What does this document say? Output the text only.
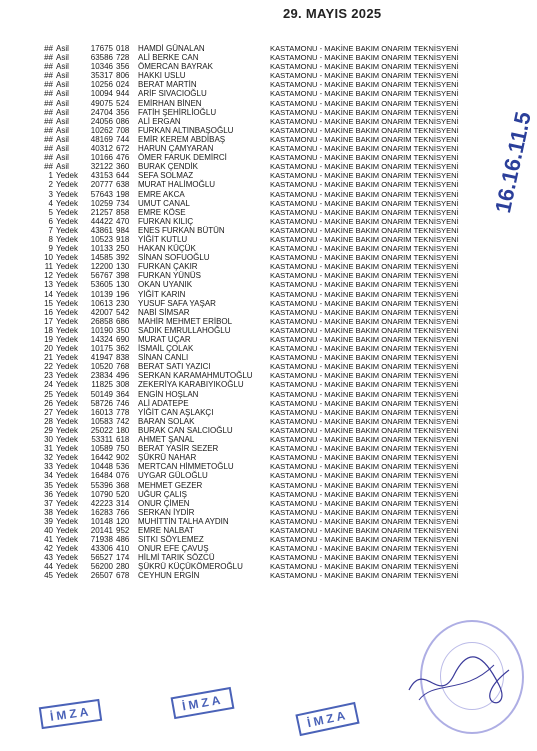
29. MAYIS 2025
## Asil	17675 018	HAMDİ GÜNALAN	KASTAMONU - MAKİNE BAKIM ONARIM TEKNİSYENİ
## Asil	63586 728	ALİ BERKE CAN	KASTAMONU - MAKİNE BAKIM ONARIM TEKNİSYENİ
## Asil	10346 356	ÖMERCAN BAYRAK	KASTAMONU - MAKİNE BAKIM ONARIM TEKNİSYENİ
## Asil	35317 806	HAKKI USLU	KASTAMONU - MAKİNE BAKIM ONARIM TEKNİSYENİ
## Asil	10256 024	BERAT MARTİN	KASTAMONU - MAKİNE BAKIM ONARIM TEKNİSYENİ
## Asil	10094 944	ARİF SIVACIOĞLU	KASTAMONU - MAKİNE BAKIM ONARIM TEKNİSYENİ
## Asil	49075 524	EMİRHAN BİNEN	KASTAMONU - MAKİNE BAKIM ONARIM TEKNİSYENİ
## Asil	24704 356	FATİH ŞEHİRLİOĞLU	KASTAMONU - MAKİNE BAKIM ONARIM TEKNİSYENİ
## Asil	24056 086	ALİ ERGAN	KASTAMONU - MAKİNE BAKIM ONARIM TEKNİSYENİ
## Asil	10262 708	FURKAN ALTINBAŞOĞLU	KASTAMONU - MAKİNE BAKIM ONARIM TEKNİSYENİ
## Asil	48169 744	EMİR KEREM ABDİBAŞ	KASTAMONU - MAKİNE BAKIM ONARIM TEKNİSYENİ
## Asil	40312 672	HARUN ÇAMYARAN	KASTAMONU - MAKİNE BAKIM ONARIM TEKNİSYENİ
## Asil	10166 476	ÖMER FARUK DEMİRCİ	KASTAMONU - MAKİNE BAKIM ONARIM TEKNİSYENİ
## Asil	32122 360	BURAK ÇENDİK	KASTAMONU - MAKİNE BAKIM ONARIM TEKNİSYENİ
1 Yedek	43153 644	SEFA SOLMAZ	KASTAMONU - MAKİNE BAKIM ONARIM TEKNİSYENİ
2 Yedek	20777 638	MURAT HALİMOĞLU	KASTAMONU - MAKİNE BAKIM ONARIM TEKNİSYENİ
3 Yedek	57643 198	EMRE AKCA	KASTAMONU - MAKİNE BAKIM ONARIM TEKNİSYENİ
4 Yedek	10259 734	UMUT CANAL	KASTAMONU - MAKİNE BAKIM ONARIM TEKNİSYENİ
5 Yedek	21257 858	EMRE KÖSE	KASTAMONU - MAKİNE BAKIM ONARIM TEKNİSYENİ
6 Yedek	44422 470	FURKAN KILIÇ	KASTAMONU - MAKİNE BAKIM ONARIM TEKNİSYENİ
7 Yedek	43861 984	ENES FURKAN BÜTÜN	KASTAMONU - MAKİNE BAKIM ONARIM TEKNİSYENİ
8 Yedek	10523 918	YİĞİT KUTLU	KASTAMONU - MAKİNE BAKIM ONARIM TEKNİSYENİ
9 Yedek	10133 250	HAKAN KÜÇÜK	KASTAMONU - MAKİNE BAKIM ONARIM TEKNİSYENİ
10 Yedek	14585 392	SİNAN SOFUOĞLU	KASTAMONU - MAKİNE BAKIM ONARIM TEKNİSYENİ
11 Yedek	12200 130	FURKAN ÇAKIR	KASTAMONU - MAKİNE BAKIM ONARIM TEKNİSYENİ
12 Yedek	56767 398	FURKAN YÜNÜS	KASTAMONU - MAKİNE BAKIM ONARIM TEKNİSYENİ
13 Yedek	53605 130	OKAN UYANIK	KASTAMONU - MAKİNE BAKIM ONARIM TEKNİSYENİ
14 Yedek	10139 196	YİĞİT KARIN	KASTAMONU - MAKİNE BAKIM ONARIM TEKNİSYENİ
15 Yedek	10613 230	YUSUF SAFA YAŞAR	KASTAMONU - MAKİNE BAKIM ONARIM TEKNİSYENİ
16 Yedek	42007 542	NABİ SİMSAR	KASTAMONU - MAKİNE BAKIM ONARIM TEKNİSYENİ
17 Yedek	26858 686	MAHİR MEHMET ERİBOL	KASTAMONU - MAKİNE BAKIM ONARIM TEKNİSYENİ
18 Yedek	10190 350	SADIK EMRULLAHOĞLU	KASTAMONU - MAKİNE BAKIM ONARIM TEKNİSYENİ
19 Yedek	14324 690	MURAT UÇAR	KASTAMONU - MAKİNE BAKIM ONARIM TEKNİSYENİ
20 Yedek	10175 362	İSMAİL ÇOLAK	KASTAMONU - MAKİNE BAKIM ONARIM TEKNİSYENİ
21 Yedek	41947 838	SİNAN CANLI	KASTAMONU - MAKİNE BAKIM ONARIM TEKNİSYENİ
22 Yedek	10520 768	BERAT SATI YAZICI	KASTAMONU - MAKİNE BAKIM ONARIM TEKNİSYENİ
23 Yedek	23834 496	SERKAN KARAMAHMUTOĞLU	KASTAMONU - MAKİNE BAKIM ONARIM TEKNİSYENİ
24 Yedek	11825 308	ZEKERİYA KARABIYIKOĞLU	KASTAMONU - MAKİNE BAKIM ONARIM TEKNİSYENİ
25 Yedek	50149 364	ENGİN HOŞLAN	KASTAMONU - MAKİNE BAKIM ONARIM TEKNİSYENİ
26 Yedek	58726 746	ALİ ADATEPE	KASTAMONU - MAKİNE BAKIM ONARIM TEKNİSYENİ
27 Yedek	16013 778	YİĞİT CAN AŞLAKÇI	KASTAMONU - MAKİNE BAKIM ONARIM TEKNİSYENİ
28 Yedek	10583 742	BARAN SOLAK	KASTAMONU - MAKİNE BAKIM ONARIM TEKNİSYENİ
29 Yedek	25022 180	BURAK CAN SALCIOĞLU	KASTAMONU - MAKİNE BAKIM ONARIM TEKNİSYENİ
30 Yedek	53311 618	AHMET ŞANAL	KASTAMONU - MAKİNE BAKIM ONARIM TEKNİSYENİ
31 Yedek	10589 750	BERAT YASİR SEZER	KASTAMONU - MAKİNE BAKIM ONARIM TEKNİSYENİ
32 Yedek	16442 902	ŞÜKRÜ NAHAR	KASTAMONU - MAKİNE BAKIM ONARIM TEKNİSYENİ
33 Yedek	10448 536	MERTCAN HİMMETOĞLU	KASTAMONU - MAKİNE BAKIM ONARIM TEKNİSYENİ
34 Yedek	16484 076	UYGAR GÜLOĞLU	KASTAMONU - MAKİNE BAKIM ONARIM TEKNİSYENİ
35 Yedek	55396 368	MEHMET GEZER	KASTAMONU - MAKİNE BAKIM ONARIM TEKNİSYENİ
36 Yedek	10790 520	UĞUR ÇALIŞ	KASTAMONU - MAKİNE BAKIM ONARIM TEKNİSYENİ
37 Yedek	42223 314	ONUR ÇİMEN	KASTAMONU - MAKİNE BAKIM ONARIM TEKNİSYENİ
38 Yedek	16283 766	SERKAN İYDİR	KASTAMONU - MAKİNE BAKIM ONARIM TEKNİSYENİ
39 Yedek	10148 120	MUHİTTİN TALHA AYDIN	KASTAMONU - MAKİNE BAKIM ONARIM TEKNİSYENİ
40 Yedek	20141 952	EMRE NALBAT	KASTAMONU - MAKİNE BAKIM ONARIM TEKNİSYENİ
41 Yedek	71938 486	SITKI SÖYLEMEZ	KASTAMONU - MAKİNE BAKIM ONARIM TEKNİSYENİ
42 Yedek	43306 410	ONUR EFE ÇAVUŞ	KASTAMONU - MAKİNE BAKIM ONARIM TEKNİSYENİ
43 Yedek	56527 174	HİLMİ TARIK SÖZCÜ	KASTAMONU - MAKİNE BAKIM ONARIM TEKNİSYENİ
44 Yedek	56200 280	ŞÜKRÜ KÜÇÜKÖMEROĞLU	KASTAMONU - MAKİNE BAKIM ONARIM TEKNİSYENİ
45 Yedek	26507 678	CEYHUN ERGİN	KASTAMONU - MAKİNE BAKIM ONARIM TEKNİSYENİ
16.16.11.5
İMZA
İMZA
İMZA
